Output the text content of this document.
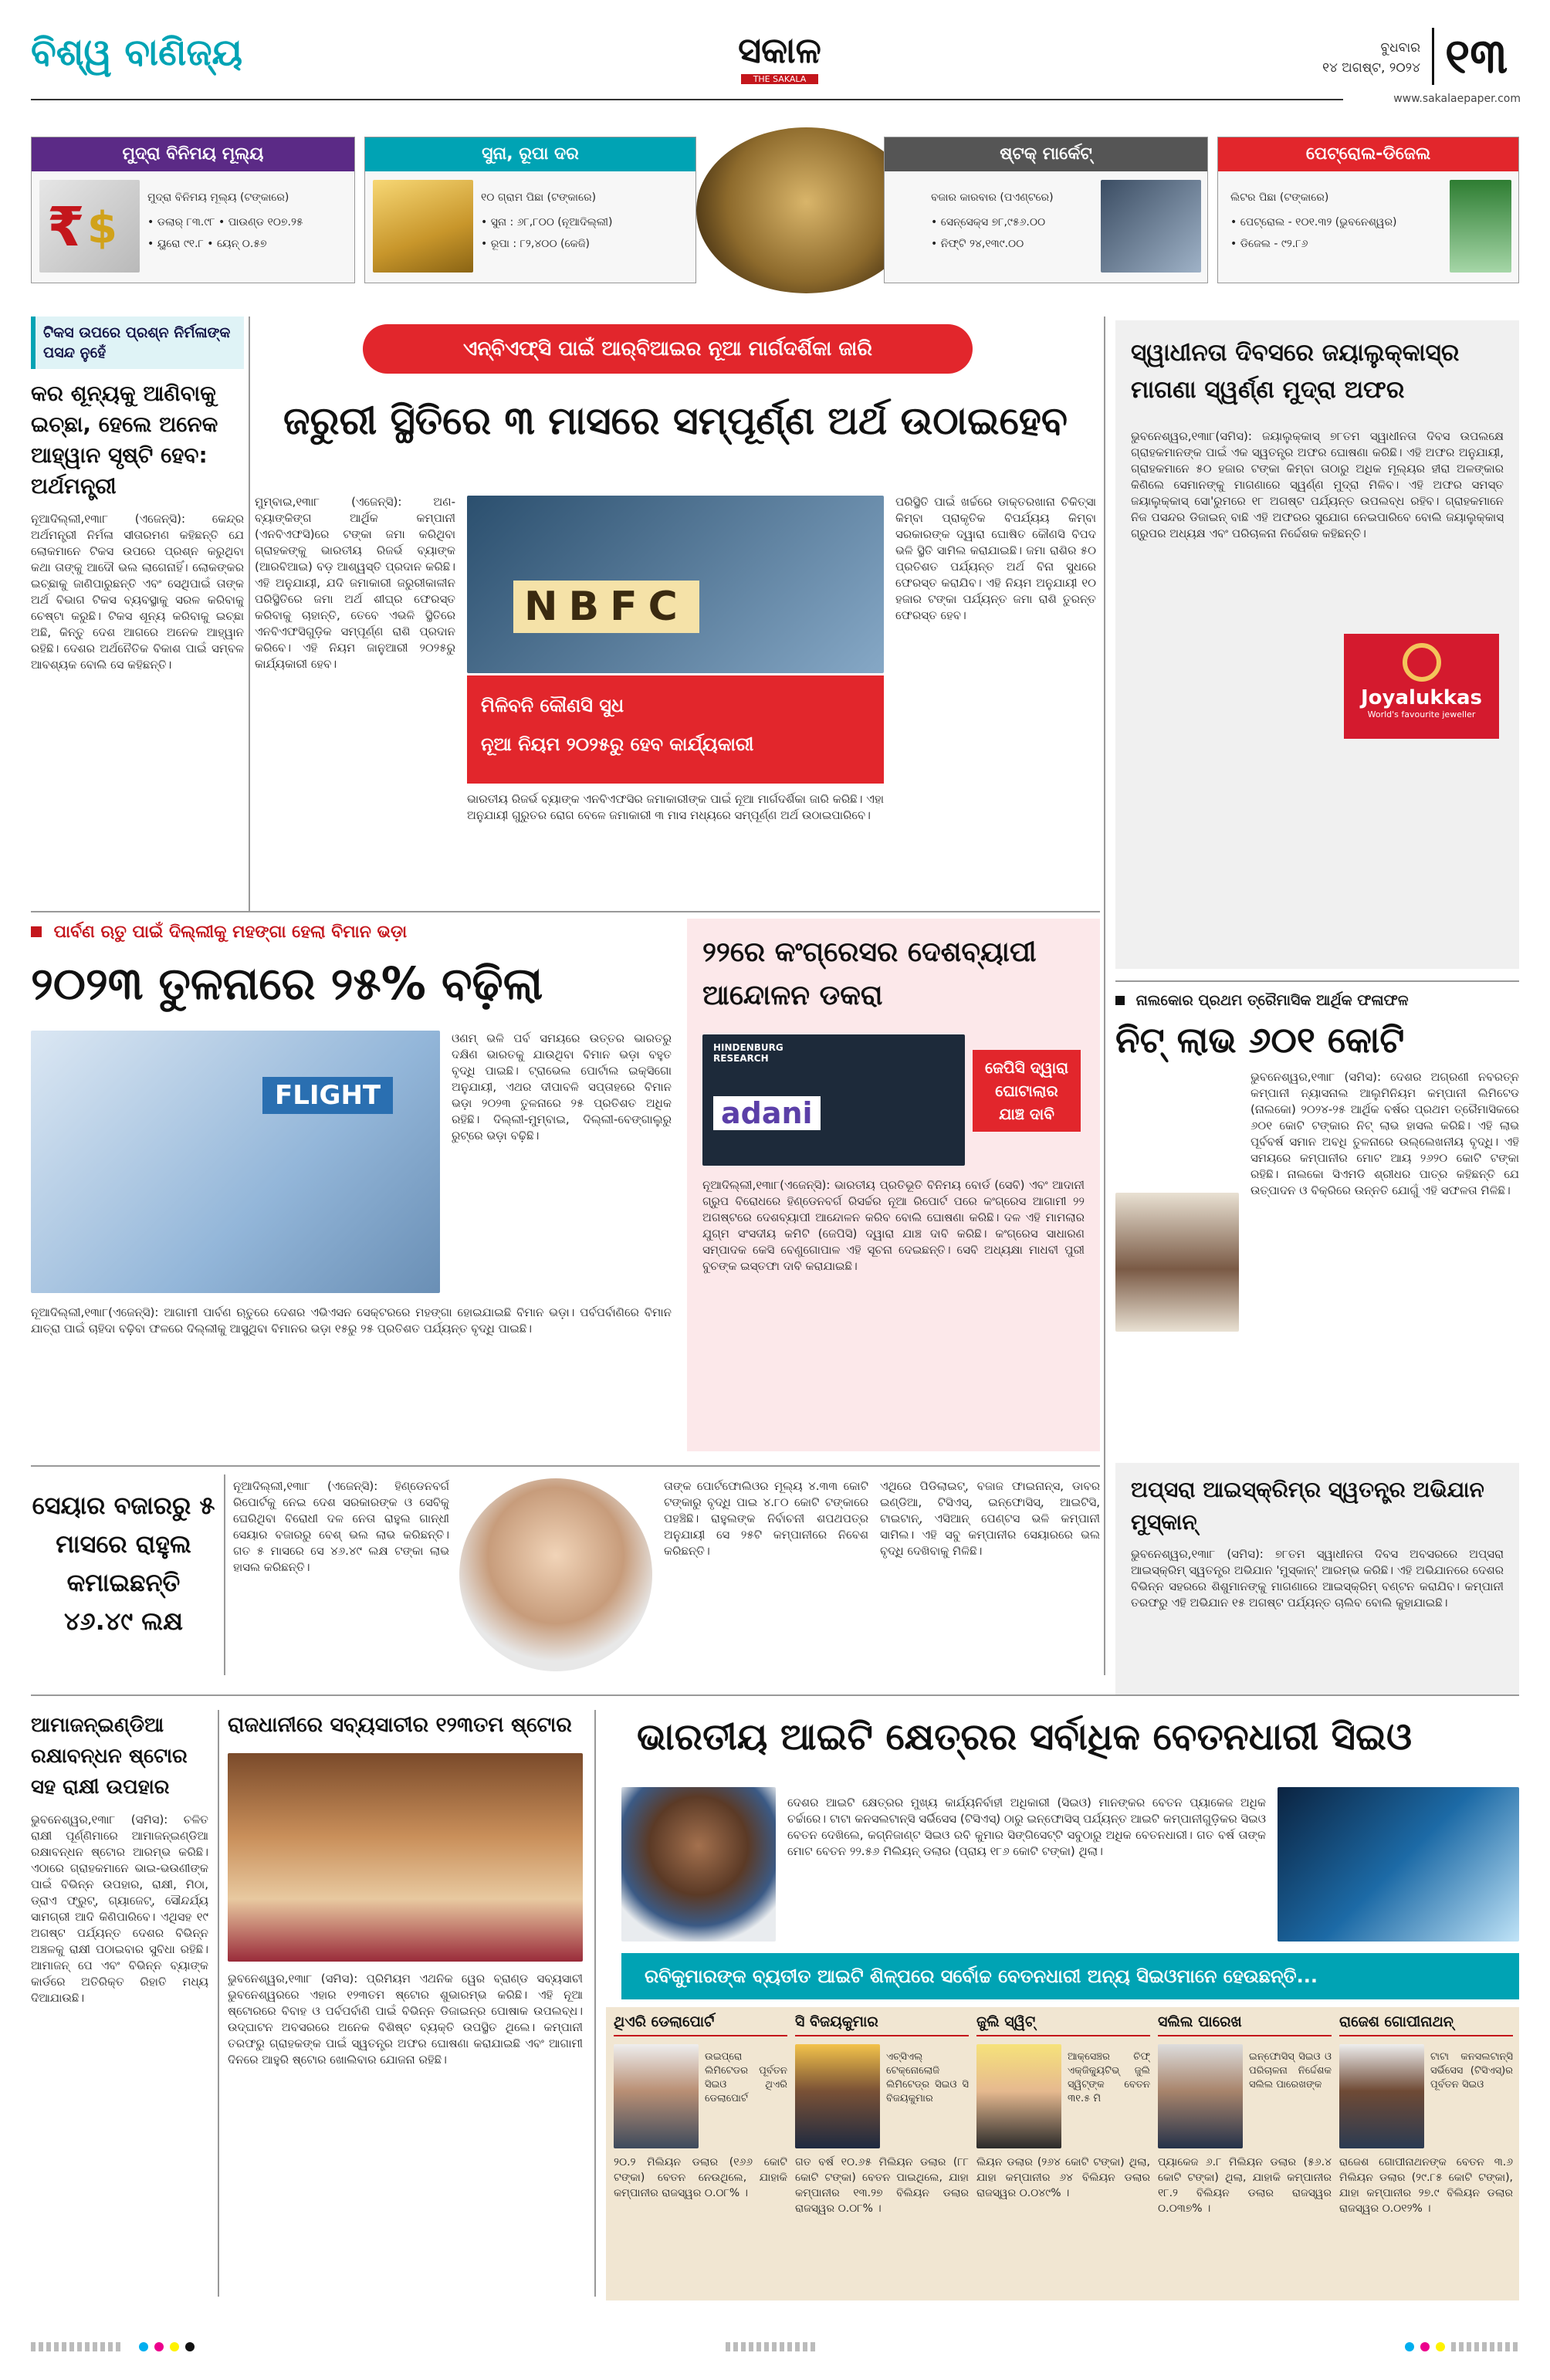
ବିଶ୍ୱ ବାଣିଜ୍ୟ	ସକାଳ
THE SAKALA
ବୁଧବାର
୧୪ ଅଗଷ୍ଟ, ୨୦୨୪ ୧୩
www.sakalaepaper.com
ମୁଦ୍ରା ବିନିମୟ ମୂଲ୍ୟ
₹ $
ମୁଦ୍ରା ବିନିମୟ ମୂଲ୍ୟ (ଟଙ୍କାରେ)
• ଡଲାର୍ ୮୩.୯୮ • ପାଉଣ୍ଡ ୧୦୭.୨୫
• ୟୁରୋ ୯୧.୮ • ୟେନ୍ ୦.୫୭
ସୁନା, ରୂପା ଦର
୧୦ ଗ୍ରାମ ପିଛା (ଟଙ୍କାରେ)
• ସୁନା : ୬୮,୮୦୦ (ନୂଆଦିଲ୍ଲୀ)
• ରୂପା : ୮୨,୪୦୦ (କେଜି)
ଷ୍ଟକ୍ ମାର୍କେଟ୍
ବଜାର କାରବାର (ପଏଣ୍ଟରେ)
• ସେନ୍‌ସେକ୍ସ ୭୮,୯୫୬.୦୦
• ନିଫ୍ଟି ୨୪,୧୩୯.୦୦
ପେଟ୍ରୋଲ-ଡିଜେଲ
ଲିଟର ପିଛା (ଟଙ୍କାରେ)
• ପେଟ୍ରୋଲ - ୧୦୧.୩୨ (ଭୁବନେଶ୍ୱର)
• ଡିଜେଲ - ୯୨.୮୬
ଟିକସ ଉପରେ ପ୍ରଶ୍ନ ନିର୍ମଳାଙ୍କ ପସନ୍ଦ ନୁହେଁ
କର ଶୂନ୍ୟକୁ ଆଣିବାକୁ ଇଚ୍ଛା, ହେଲେ ଅନେକ ଆହ୍ୱାନ ସୃଷ୍ଟି ହେବ: ଅର୍ଥମନ୍ତ୍ରୀ
ନୂଆଦିଲ୍ଲୀ,୧୩ା୮ (ଏଜେନ୍ସି): କେନ୍ଦ୍ର ଅର୍ଥମନ୍ତ୍ରୀ ନିର୍ମଳା ସୀତାରମଣ କହିଛନ୍ତି ଯେ ଲୋକମାନେ ଟିକସ ଉପରେ ପ୍ରଶ୍ନ କରୁଥିବା କଥା ତାଙ୍କୁ ଆଦୌ ଭଲ ଲାଗେନାହିଁ। ଲୋକଙ୍କର ଇଚ୍ଛାକୁ ଜାଣିପାରୁଛନ୍ତି ଏବଂ ସେଥିପାଇଁ ତାଙ୍କ ଅର୍ଥ ବିଭାଗ ଟିକସ ବ୍ୟବସ୍ଥାକୁ ସରଳ କରିବାକୁ ଚେଷ୍ଟା କରୁଛି। ଟିକସ ଶୂନ୍ୟ କରିବାକୁ ଇଚ୍ଛା ଅଛି, କିନ୍ତୁ ଦେଶ ଆଗରେ ଅନେକ ଆହ୍ୱାନ ରହିଛି। ଦେଶର ଅର୍ଥନୈତିକ ବିକାଶ ପାଇଁ ସମ୍ବଳ ଆବଶ୍ୟକ ବୋଲି ସେ କହିଛନ୍ତି।
ଏନ୍‌ବିଏଫ୍‌ସି ପାଇଁ ଆର୍‌ବିଆଇର ନୂଆ ମାର୍ଗଦର୍ଶିକା ଜାରି
ଜରୁରୀ ସ୍ଥିତିରେ ୩ ମାସରେ ସମ୍ପୂର୍ଣ୍ଣ ଅର୍ଥ ଉଠାଇହେବ
ମୁମ୍ବାଇ,୧୩ା୮ (ଏଜେନ୍ସି): ଅଣ-ବ୍ୟାଙ୍କିଙ୍ଗ ଆର୍ଥିକ କମ୍ପାନୀ (ଏନବିଏଫସି)ରେ ଟଙ୍କା ଜମା କରିଥିବା ଗ୍ରାହକଙ୍କୁ ଭାରତୀୟ ରିଜର୍ଭ ବ୍ୟାଙ୍କ (ଆରବିଆଇ) ବଡ଼ ଆଶ୍ୱସ୍ତି ପ୍ରଦାନ କରିଛି। ଏହି ଅନୁଯାୟୀ, ଯଦି ଜମାକାରୀ ଜରୁରୀକାଳୀନ ପରିସ୍ଥିତିରେ ଜମା ଅର୍ଥ ଶୀଘ୍ର ଫେରସ୍ତ କରିବାକୁ ଚାହାନ୍ତି, ତେବେ ଏଭଳି ସ୍ଥିତିରେ ଏନବିଏଫସିଗୁଡ଼ିକ ସମ୍ପୂର୍ଣ୍ଣ ରାଶି ପ୍ରଦାନ କରିବେ। ଏହି ନିୟମ ଜାନୁଆରୀ ୨୦୨୫ରୁ କାର୍ଯ୍ୟକାରୀ ହେବ।
NBFC
ମିଳିବନି କୌଣସି ସୁଧ
ନୂଆ ନିୟମ ୨୦୨୫ରୁ ହେବ କାର୍ଯ୍ୟକାରୀ
ଭାରତୀୟ ରିଜର୍ଭ ବ୍ୟାଙ୍କ ଏନବିଏଫସିର ଜମାକାରୀଙ୍କ ପାଇଁ ନୂଆ ମାର୍ଗଦର୍ଶିକା ଜାରି କରିଛି। ଏହା ଅନୁଯାୟୀ ଗୁରୁତର ରୋଗ ବେଳେ ଜମାକାରୀ ୩ ମାସ ମଧ୍ୟରେ ସମ୍ପୂର୍ଣ୍ଣ ଅର୍ଥ ଉଠାଇପାରିବେ।
ପରିସ୍ଥିତି ପାଇଁ ଖର୍ଚ୍ଚରେ ଡାକ୍ତରଖାନା ଚିକିତ୍ସା କିମ୍ବା ପ୍ରାକୃତିକ ବିପର୍ଯ୍ୟୟ କିମ୍ବା ସରକାରଙ୍କ ଦ୍ୱାରା ଘୋଷିତ କୌଣସି ବିପଦ ଭଳି ସ୍ଥିତି ସାମିଲ କରାଯାଇଛି। ଜମା ରାଶିର ୫୦ ପ୍ରତିଶତ ପର୍ଯ୍ୟନ୍ତ ଅର୍ଥ ବିନା ସୁଧରେ ଫେରସ୍ତ କରାଯିବ। ଏହି ନିୟମ ଅନୁଯାୟୀ ୧୦ ହଜାର ଟଙ୍କା ପର୍ଯ୍ୟନ୍ତ ଜମା ରାଶି ତୁରନ୍ତ ଫେରସ୍ତ ହେବ।
ସ୍ୱାଧୀନତା ଦିବସରେ ଜୟାଲୁକ୍କାସ୍‌ର ମାଗଣା ସ୍ୱର୍ଣ୍ଣ ମୁଦ୍ରା ଅଫର
ଭୁବନେଶ୍ୱର,୧୩ା୮(ସମିସ): ଜୟାଲୁକ୍କାସ୍ ୭୮ତମ ସ୍ୱାଧୀନତା ଦିବସ ଉପଲକ୍ଷେ ଗ୍ରାହକମାନଙ୍କ ପାଇଁ ଏକ ସ୍ୱତନ୍ତ୍ର ଅଫର ଘୋଷଣା କରିଛି। ଏହି ଅଫର ଅନୁଯାୟୀ, ଗ୍ରାହକମାନେ ୫୦ ହଜାର ଟଙ୍କା କିମ୍ବା ତାଠାରୁ ଅଧିକ ମୂଲ୍ୟର ହୀରା ଅଳଙ୍କାର କିଣିଲେ ସେମାନଙ୍କୁ ମାଗଣାରେ ସ୍ୱର୍ଣ୍ଣ ମୁଦ୍ରା ମିଳିବ। ଏହି ଅଫର ସମସ୍ତ ଜୟାଲୁକ୍କାସ୍ ସୋ'ରୁମରେ ୧୮ ଅଗଷ୍ଟ ପର୍ଯ୍ୟନ୍ତ ଉପଲବ୍ଧ ରହିବ। ଗ୍ରାହକମାନେ ନିଜ ପସନ୍ଦର ଡିଜାଇନ୍ ବାଛି ଏହି ଅଫରର ସୁଯୋଗ ନେଇପାରିବେ ବୋଲି ଜୟାଲୁକ୍କାସ୍ ଗ୍ରୁପର ଅଧ୍ୟକ୍ଷ ଏବଂ ପରିଚାଳନା ନିର୍ଦ୍ଦେଶକ କହିଛନ୍ତି।
Joyalukkas
World's favourite jeweller
ପାର୍ବଣ ଋତୁ ପାଇଁ ଦିଲ୍ଲୀକୁ ମହଙ୍ଗା ହେଲା ବିମାନ ଭଡ଼ା
୨୦୨୩ ତୁଳନାରେ ୨୫% ବଢ଼ିଲା
FLIGHT
ଓଣମ୍ ଭଳି ପର୍ବ ସମୟରେ ଉତ୍ତର ଭାରତରୁ ଦକ୍ଷିଣ ଭାରତକୁ ଯାଉଥିବା ବିମାନ ଭଡ଼ା ବହୁତ ବୃଦ୍ଧି ପାଇଛି। ଟ୍ରାଭେଲ ପୋର୍ଟାଲ ଇକ୍ସିଗୋ ଅନୁଯାୟୀ, ଏଥର ଦୀପାବଳି ସପ୍ତାହରେ ବିମାନ ଭଡ଼ା ୨୦୨୩ ତୁଳନାରେ ୨୫ ପ୍ରତିଶତ ଅଧିକ ରହିଛି। ଦିଲ୍ଲୀ-ମୁମ୍ବାଇ, ଦିଲ୍ଲୀ-ବେଙ୍ଗାଲୁରୁ ରୁଟ୍‌ରେ ଭଡ଼ା ବଢ଼ିଛି।
ନୂଆଦିଲ୍ଲୀ,୧୩ା୮(ଏଜେନ୍ସି): ଆଗାମୀ ପାର୍ବଣ ଋତୁରେ ଦେଶର ଏଭିଏସନ ସେକ୍ଟରରେ ମହଙ୍ଗା ହୋଇଯାଇଛି ବିମାନ ଭଡ଼ା। ପର୍ବପର୍ବାଣିରେ ବିମାନ ଯାତ୍ରା ପାଇଁ ଚାହିଦା ବଢ଼ିବା ଫଳରେ ଦିଲ୍ଲୀକୁ ଆସୁଥିବା ବିମାନର ଭଡ଼ା ୧୫ରୁ ୨୫ ପ୍ରତିଶତ ପର୍ଯ୍ୟନ୍ତ ବୃଦ୍ଧି ପାଇଛି।
୨୨ରେ କଂଗ୍ରେସର ଦେଶବ୍ୟାପୀ ଆନ୍ଦୋଳନ ଡକରା
HINDENBURG RESEARCH
adani
ଜେପିସି ଦ୍ୱାରା ଘୋଟାଲାର ଯାଞ୍ଚ ଦାବି
ନୂଆଦିଲ୍ଲୀ,୧୩ା୮(ଏଜେନ୍ସି): ଭାରତୀୟ ପ୍ରତିଭୂତି ବିନିମୟ ବୋର୍ଡ (ସେବି) ଏବଂ ଆଦାନୀ ଗ୍ରୁପ ବିରୋଧରେ ହିଣ୍ଡେନବର୍ଗ ରିସର୍ଚ୍ଚର ନୂଆ ରିପୋର୍ଟ ପରେ କଂଗ୍ରେସ ଆଗାମୀ ୨୨ ଅଗଷ୍ଟରେ ଦେଶବ୍ୟାପୀ ଆନ୍ଦୋଳନ କରିବ ବୋଲି ଘୋଷଣା କରିଛି। ଦଳ ଏହି ମାମଲାର ଯୁଗ୍ମ ସଂସଦୀୟ କମିଟି (ଜେପିସି) ଦ୍ୱାରା ଯାଞ୍ଚ ଦାବି କରିଛି। କଂଗ୍ରେସ ସାଧାରଣ ସମ୍ପାଦକ କେସି ବେଣୁଗୋପାଳ ଏହି ସୂଚନା ଦେଇଛନ୍ତି। ସେବି ଅଧ୍ୟକ୍ଷା ମାଧବୀ ପୁରୀ ବୁଚଙ୍କ ଇସ୍ତଫା ଦାବି କରାଯାଇଛି।
ନାଲକୋର ପ୍ରଥମ ତ୍ରୈମାସିକ ଆର୍ଥିକ ଫଳାଫଳ
ନିଟ୍ ଲାଭ ୬୦୧ କୋଟି
ଭୁବନେଶ୍ୱର,୧୩ା୮ (ସମିସ): ଦେଶର ଅଗ୍ରଣୀ ନବରତ୍ନ କମ୍ପାନୀ ନ୍ୟାସନାଲ ଆଲୁମିନିୟମ କମ୍ପାନୀ ଲିମିଟେଡ (ନାଲକୋ) ୨୦୨୪-୨୫ ଆର୍ଥିକ ବର୍ଷର ପ୍ରଥମ ତ୍ରୈମାସିକରେ ୬୦୧ କୋଟି ଟଙ୍କାର ନିଟ୍ ଲାଭ ହାସଲ କରିଛି। ଏହି ଲାଭ ପୂର୍ବବର୍ଷ ସମାନ ଅବଧି ତୁଳନାରେ ଉଲ୍ଲେଖନୀୟ ବୃଦ୍ଧି। ଏହି ସମୟରେ କମ୍ପାନୀର ମୋଟ ଆୟ ୨୬୨୦ କୋଟି ଟଙ୍କା ରହିଛି। ନାଲକୋ ସିଏମଡି ଶ୍ରୀଧର ପାତ୍ର କହିଛନ୍ତି ଯେ ଉତ୍ପାଦନ ଓ ବିକ୍ରିରେ ଉନ୍ନତି ଯୋଗୁଁ ଏହି ସଫଳତା ମିଳିଛି।
ଅପ୍‌ସରା ଆଇସ୍‌କ୍ରିମ୍‌ର ସ୍ୱତନ୍ତ୍ର ଅଭିଯାନ ମୁସ୍କାନ୍
ଭୁବନେଶ୍ୱର,୧୩ା୮ (ସମିସ): ୭୮ତମ ସ୍ୱାଧୀନତା ଦିବସ ଅବସରରେ ଅପ୍‌ସରା ଆଇସ୍‌କ୍ରିମ୍ ସ୍ୱତନ୍ତ୍ର ଅଭିଯାନ 'ମୁସ୍କାନ୍' ଆରମ୍ଭ କରିଛି। ଏହି ଅଭିଯାନରେ ଦେଶର ବିଭିନ୍ନ ସହରରେ ଶିଶୁମାନଙ୍କୁ ମାଗଣାରେ ଆଇସ୍‌କ୍ରିମ୍ ବଣ୍ଟନ କରାଯିବ। କମ୍ପାନୀ ତରଫରୁ ଏହି ଅଭିଯାନ ୧୫ ଅଗଷ୍ଟ ପର୍ଯ୍ୟନ୍ତ ଚାଲିବ ବୋଲି କୁହାଯାଇଛି।
ସେୟାର ବଜାରରୁ ୫ ମାସରେ ରାହୁଲ କମାଇଛନ୍ତି ୪୬.୪୯ ଲକ୍ଷ
ନୂଆଦିଲ୍ଲୀ,୧୩ା୮ (ଏଜେନ୍ସି): ହିଣ୍ଡେନବର୍ଗ ରିପୋର୍ଟକୁ ନେଇ ଦେଶ ସରକାରଙ୍କ ଓ ସେବିକୁ ଘେରିଥିବା ବିରୋଧୀ ଦଳ ନେତା ରାହୁଲ ଗାନ୍ଧୀ ସେୟାର ବଜାରରୁ ବେଶ୍ ଭଲ ଲାଭ କରିଛନ୍ତି। ଗତ ୫ ମାସରେ ସେ ୪୬.୪୯ ଲକ୍ଷ ଟଙ୍କା ଲାଭ ହାସଲ କରିଛନ୍ତି।
ତାଙ୍କ ପୋର୍ଟଫୋଲିଓର ମୂଲ୍ୟ ୪.୩୩ କୋଟି ଟଙ୍କାରୁ ବୃଦ୍ଧି ପାଇ ୪.୮୦ କୋଟି ଟଙ୍କାରେ ପହଞ୍ଚିଛି। ରାହୁଲଙ୍କ ନିର୍ବାଚନୀ ଶପଥପତ୍ର ଅନୁଯାୟୀ ସେ ୨୫ଟି କମ୍ପାନୀରେ ନିବେଶ କରିଛନ୍ତି।
ଏଥିରେ ପିଡିଲାଇଟ୍, ବଜାଜ ଫାଇନାନ୍ସ, ଡାବର ଇଣ୍ଡିଆ, ଟିସିଏସ୍, ଇନ୍‌ଫୋସିସ୍, ଆଇଟିସି, ଟାଇଟାନ୍, ଏସିଆନ୍ ପେଣ୍ଟସ ଭଳି କମ୍ପାନୀ ସାମିଲ। ଏହି ସବୁ କମ୍ପାନୀର ସେୟାରରେ ଭଲ ବୃଦ୍ଧି ଦେଖିବାକୁ ମିଳିଛି।
ଆମାଜନ୍‌ଇଣ୍ଡିଆ ରକ୍ଷାବନ୍ଧନ ଷ୍ଟୋର ସହ ରାକ୍ଷୀ ଉପହାର
ଭୁବନେଶ୍ୱର,୧୩ା୮ (ସମିସ): ଚଳିତ ରାକ୍ଷୀ ପୂର୍ଣ୍ଣିମାରେ ଆମାଜନ୍‌ଇଣ୍ଡିଆ ରକ୍ଷାବନ୍ଧନ ଷ୍ଟୋର ଆରମ୍ଭ କରିଛି। ଏଠାରେ ଗ୍ରାହକମାନେ ଭାଇ-ଭଉଣୀଙ୍କ ପାଇଁ ବିଭିନ୍ନ ଉପହାର, ରାକ୍ଷୀ, ମିଠା, ଡ୍ରାଏ ଫ୍ରୁଟ୍, ଗ୍ୟାଜେଟ୍, ସୌନ୍ଦର୍ଯ୍ୟ ସାମଗ୍ରୀ ଆଦି କିଣିପାରିବେ। ଏଥିସହ ୧୯ ଅଗଷ୍ଟ ପର୍ଯ୍ୟନ୍ତ ଦେଶର ବିଭିନ୍ନ ଅଞ୍ଚଳକୁ ରାକ୍ଷୀ ପଠାଇବାର ସୁବିଧା ରହିଛି। ଆମାଜନ୍ ପେ ଏବଂ ବିଭିନ୍ନ ବ୍ୟାଙ୍କ କାର୍ଡରେ ଅତିରିକ୍ତ ରିହାତି ମଧ୍ୟ ଦିଆଯାଉଛି।
ରାଜଧାନୀରେ ସବ୍ୟସାଚୀର ୧୨୩ତମ ଷ୍ଟୋର
ଭୁବନେଶ୍ୱର,୧୩ା୮ (ସମିସ): ପ୍ରିମିୟମ ଏଥନିକ ୱେର ବ୍ରାଣ୍ଡ ସବ୍ୟସାଚୀ ଭୁବନେଶ୍ୱରରେ ଏହାର ୧୨୩ତମ ଷ୍ଟୋର ଶୁଭାରମ୍ଭ କରିଛି। ଏହି ନୂଆ ଷ୍ଟୋରରେ ବିବାହ ଓ ପର୍ବପର୍ବାଣି ପାଇଁ ବିଭିନ୍ନ ଡିଜାଇନ୍‌ର ପୋଷାକ ଉପଲବ୍ଧ। ଉଦ୍‌ଘାଟନ ଅବସରରେ ଅନେକ ବିଶିଷ୍ଟ ବ୍ୟକ୍ତି ଉପସ୍ଥିତ ଥିଲେ। କମ୍ପାନୀ ତରଫରୁ ଗ୍ରାହକଙ୍କ ପାଇଁ ସ୍ୱତନ୍ତ୍ର ଅଫର ଘୋଷଣା କରାଯାଇଛି ଏବଂ ଆଗାମୀ ଦିନରେ ଆହୁରି ଷ୍ଟୋର ଖୋଲିବାର ଯୋଜନା ରହିଛି।
ଭାରତୀୟ ଆଇଟି କ୍ଷେତ୍ରର ସର୍ବାଧିକ ବେତନଧାରୀ ସିଇଓ
ଦେଶର ଆଇଟି କ୍ଷେତ୍ରର ମୁଖ୍ୟ କାର୍ଯ୍ୟନିର୍ବାହୀ ଅଧିକାରୀ (ସିଇଓ) ମାନଙ୍କର ବେତନ ପ୍ୟାକେଜ ଅଧିକ ଚର୍ଚ୍ଚାରେ। ଟାଟା କନସଲଟାନ୍ସି ସର୍ଭିସେସ (ଟିସିଏସ୍) ଠାରୁ ଇନ୍‌ଫୋସିସ୍ ପର୍ଯ୍ୟନ୍ତ ଆଇଟି କମ୍ପାନୀଗୁଡ଼ିକର ସିଇଓ ବେତନ ଦେଖିଲେ, କଗ୍ନିଜାଣ୍ଟ ସିଇଓ ରବି କୁମାର ସିଙ୍ଗିସେଟ୍ଟି ସବୁଠାରୁ ଅଧିକ ବେତନଧାରୀ। ଗତ ବର୍ଷ ତାଙ୍କ ମୋଟ ବେତନ ୨୨.୫୬ ମିଲିୟନ୍ ଡଲାର (ପ୍ରାୟ ୧୮୬ କୋଟି ଟଙ୍କା) ଥିଲା।
ରବିକୁମାରଙ୍କ ବ୍ୟତୀତ ଆଇଟି ଶିଳ୍ପରେ ସର୍ବୋଚ୍ଚ ବେତନଧାରୀ ଅନ୍ୟ ସିଇଓମାନେ ହେଉଛନ୍ତି...
ଥିଏରି ଡେଲାପୋର୍ଟ
ଉଇପ୍ରୋ ଲିମିଟେଡର ପୂର୍ବତନ ସିଇଓ ଥିଏରି ଡେଲାପୋର୍ଟ
୨୦.୨ ମିଲିୟନ ଡଲାର (୧୬୬ କୋଟି ଟଙ୍କା) ବେତନ ନେଉଥିଲେ, ଯାହାକି କମ୍ପାନୀର ରାଜସ୍ୱର ୦.୦୮% ।
ସି ବିଜୟକୁମାର
ଏଚ୍‌ସିଏଲ୍ ଟେକ୍ନୋଲୋଜି ଲିମିଟେଡ୍‌ର ସିଇଓ ସି ବିଜୟକୁମାର
ଗତ ବର୍ଷ ୧୦.୬୫ ମିଲିୟନ ଡଲାର (୮୮ କୋଟି ଟଙ୍କା) ବେତନ ପାଇଥିଲେ, ଯାହା କମ୍ପାନୀର ୧୩.୨୭ ବିଲିୟନ ଡଲାର ରାଜସ୍ୱର ୦.୦୮% ।
ଜୁଲି ସ୍ୱିଟ୍
ଆକ୍‌ସେଞ୍ଚର ଚିଫ୍ ଏକ୍‌ଜିକ୍ୟୁଟିଭ୍ ଜୁଲି ସ୍ୱିଟ୍‌ଙ୍କ ବେତନ ୩୧.୫ ମି
ଲିୟନ ଡଲାର (୨୬୪ କୋଟି ଟଙ୍କା) ଥିଲା, ଯାହା କମ୍ପାନୀର ୬୪ ବିଲିୟନ ଡଲାର ରାଜସ୍ୱର ୦.୦୪୯% ।
ସଲିଲ ପାରେଖ
ଇନ୍‌ଫୋସିସ୍ ସିଇଓ ଓ ପରିଚାଳନା ନିର୍ଦ୍ଦେଶକ ସଲିଲ ପାରେଖଙ୍କ
ପ୍ୟାକେଜ ୬.୮ ମିଲିୟନ ଡଲାର (୫୬.୪ କୋଟି ଟଙ୍କା) ଥିଲା, ଯାହାକି କମ୍ପାନୀର ୧୮.୨ ବିଲିୟନ ଡଲାର ରାଜସ୍ୱର ୦.୦୩୭% ।
ରାଜେଶ ଗୋପୀନାଥନ୍
ଟାଟା କନସଲଟାନ୍ସି ସର୍ଭିସେସ (ଟିସିଏସ୍)ର ପୂର୍ବତନ ସିଇଓ
ରାଜେଶ ଗୋପୀନାଥନଙ୍କ ବେତନ ୩.୬ ମିଲିୟନ ଡଲାର (୨୯.୮୫ କୋଟି ଟଙ୍କା), ଯାହା କମ୍ପାନୀର ୨୭.୯ ବିଲିୟନ ଡଲାର ରାଜସ୍ୱର ୦.୦୧୨% ।
